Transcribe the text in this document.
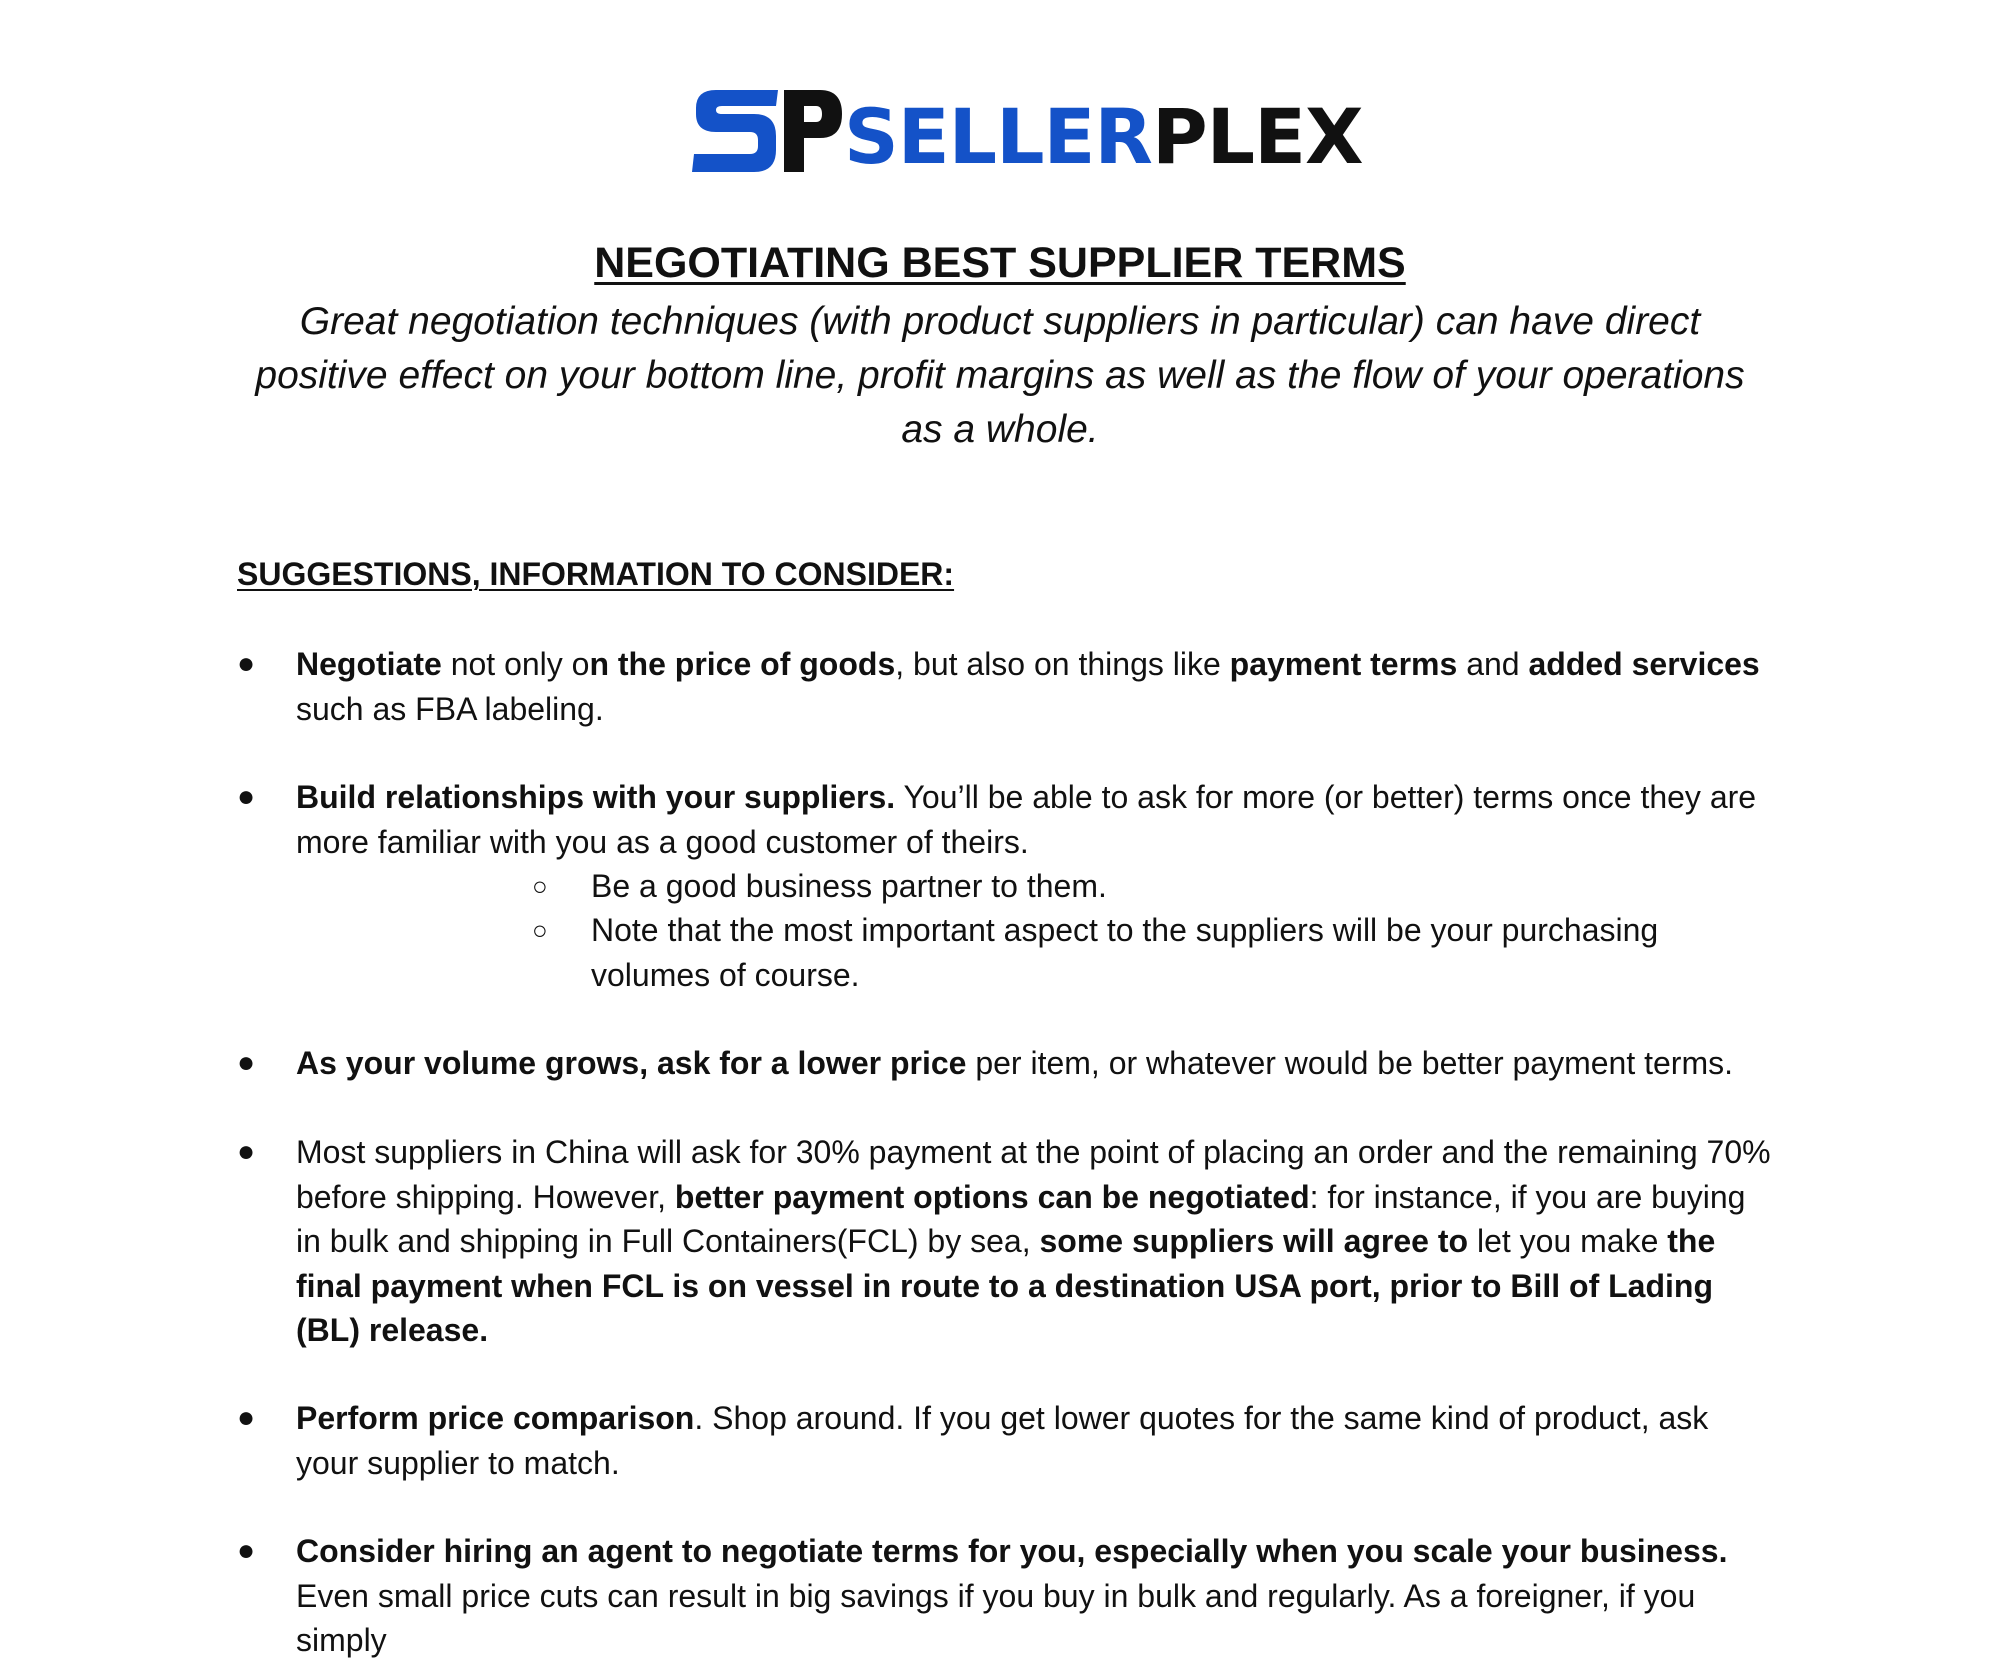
SELLERPLEX
NEGOTIATING BEST SUPPLIER TERMS
Great negotiation techniques (with product suppliers in particular) can have direct positive effect on your bottom line, profit margins as well as the flow of your operations as a whole.
SUGGESTIONS, INFORMATION TO CONSIDER:
●	Negotiate not only on the price of goods, but also on things like payment terms and added services such as FBA labeling.
●	Build relationships with your suppliers. You’ll be able to ask for more (or better) terms once they are more familiar with you as a good customer of theirs.
○	Be a good business partner to them.
○	Note that the most important aspect to the suppliers will be your purchasing volumes of course.
●	As your volume grows, ask for a lower price per item, or whatever would be better payment terms.
●	Most suppliers in China will ask for 30% payment at the point of placing an order and the remaining 70% before shipping. However, better payment options can be negotiated: for instance, if you are buying in bulk and shipping in Full Containers(FCL) by sea, some suppliers will agree to let you make the final payment when FCL is on vessel in route to a destination USA port, prior to Bill of Lading (BL) release.
●	Perform price comparison. Shop around. If you get lower quotes for the same kind of product, ask your supplier to match.
●	Consider hiring an agent to negotiate terms for you, especially when you scale your business. Even small price cuts can result in big savings if you buy in bulk and regularly. As a foreigner, if you simply
